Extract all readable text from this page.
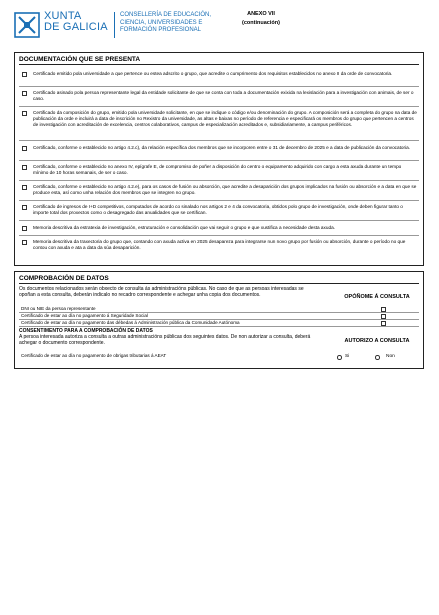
XUNTA
DE GALICIA
CONSELLERÍA DE EDUCACIÓN,
CIENCIA, UNIVERSIDADES E
FORMACIÓN PROFESIONAL
ANEXO VII
(continuación)
DOCUMENTACIÓN QUE SE PRESENTA
Certificado emitido pola universidade a que pertence ou estea adscrito o grupo, que acredite o cumprimento dos requisitos establecidos no anexo II da orde de convocatoria.
Certificado asinado pola persoa representante legal da entidade solicitante de que se conta con toda a documentación exixida na lexislación para a investigación con animais, de ser o caso.
Certificado da composición do grupo, emitido pola universidade solicitante, en que se indique o código e/ou denominación do grupo. A composición será a completa do grupo na data de publicación da orde e incluirá a data de inscrición no Rexistro da universidade, as altas e baixas no período de referencia e especificará os membros do grupo que pertencen a centros de investigación con acreditación de excelencia, centros colaborativos, campus de especialización acreditados e, subsidiariamente, a campus periféricos.
Certificado, conforme o establecido no artigo 4.2.c), da relación específica dos membros que se incorporen entre o 31 de decembro de 2025 e a data de publicación da convocatoria.
Certificado, conforme o establecido no anexo IV, epígrafe E, de compromiso de poñer a disposición do centro o equipamento adquirido con cargo a esta axuda durante un tempo mínimo de 10 horas semanais, de ser o caso.
Certificado, conforme o establecido no artigo 4.2.e), para os casos de fusión ou absorción, que acredite a desaparición dos grupos implicados na fusión ou absorción e a data en que se produce esta, así como unha relación dos membros que se integren no grupo.
Certificado de ingresos de I+D competitivos, computados de acordo co sinalado nos artigos 2 e 4 da convocatoria, obtidos polo grupo de investigación, onde deben figurar tanto o importe total dos proxectos como o desagregado das anualidades que se certifican.
Memoria descritiva da estratexia de investigación, estruturación e consolidación que vai seguir o grupo e que xustifica a necesidade desta axuda.
Memoria descritiva da traxectoria do grupo que, contando con axuda activa en 2025 desapareza para integrarse nun novo grupo por fusión ou absorción, durante o período no que contou con axuda e ata a data da súa desaparición.
COMPROBACIÓN DE DATOS
Os documentos relacionados serán obxecto de consulta ás administracións públicas. No caso de que as persoas interesadas se opoñan a esta consulta, deberán indicalo no recadro correspondente e achegar unha copia dos documentos.	OPÓÑOME Á CONSULTA
DNI ou NIE da persoa representante
Certificado de estar ao día no pagamento á Seguridade Social
Certificado de estar ao día no pagamento das débedas á Administración pública da Comunidade Autónoma
CONSENTIMENTO PARA A COMPROBACIÓN DE DATOS
A persoa interesada autoriza a consulta a outras administracións públicas dos seguintes datos. De non autorizar a consulta, deberá achegar o documento correspondente.	AUTORIZO A CONSULTA
Certificado de estar ao día no pagamento de obrigas tributarias á AEAT	Si	Non
